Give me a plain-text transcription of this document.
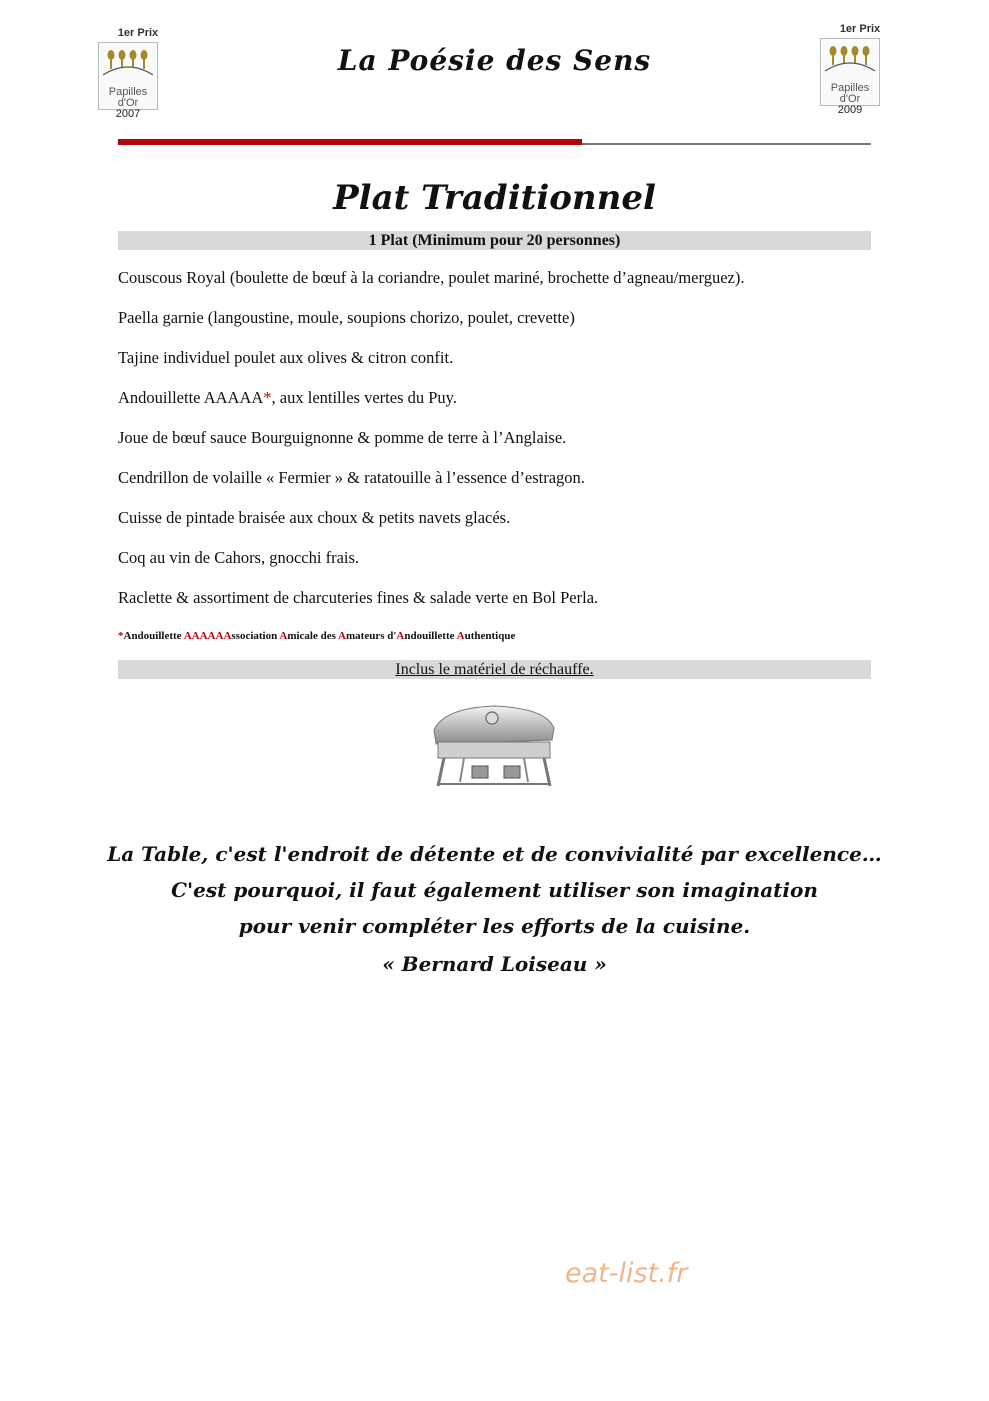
1er Prix
Papilles
d'Or
2007
1er Prix
Papilles
d'Or
2009
La Poésie des Sens
Plat Traditionnel
1 Plat (Minimum pour 20 personnes)
Couscous Royal (boulette de bœuf à la coriandre, poulet mariné, brochette d’agneau/merguez).
Paella garnie (langoustine, moule, soupions chorizo, poulet, crevette)
Tajine individuel poulet aux olives & citron confit.
Andouillette AAAAA*, aux lentilles vertes du Puy.
Joue de bœuf sauce Bourguignonne & pomme de terre à l’Anglaise.
Cendrillon de volaille « Fermier » & ratatouille à l’essence d’estragon.
Cuisse de pintade braisée aux choux & petits navets glacés.
Coq au vin de Cahors, gnocchi frais.
Raclette & assortiment de charcuteries fines & salade verte en Bol Perla.
*Andouillette AAAAAAssociation Amicale des Amateurs d'Andouillette Authentique
Inclus le matériel de réchauffe.
La Table, c'est l'endroit de détente et de convivialité par excellence…
C'est pourquoi, il faut également utiliser son imagination
pour venir compléter les efforts de la cuisine.
« Bernard Loiseau »
eat-list.fr
